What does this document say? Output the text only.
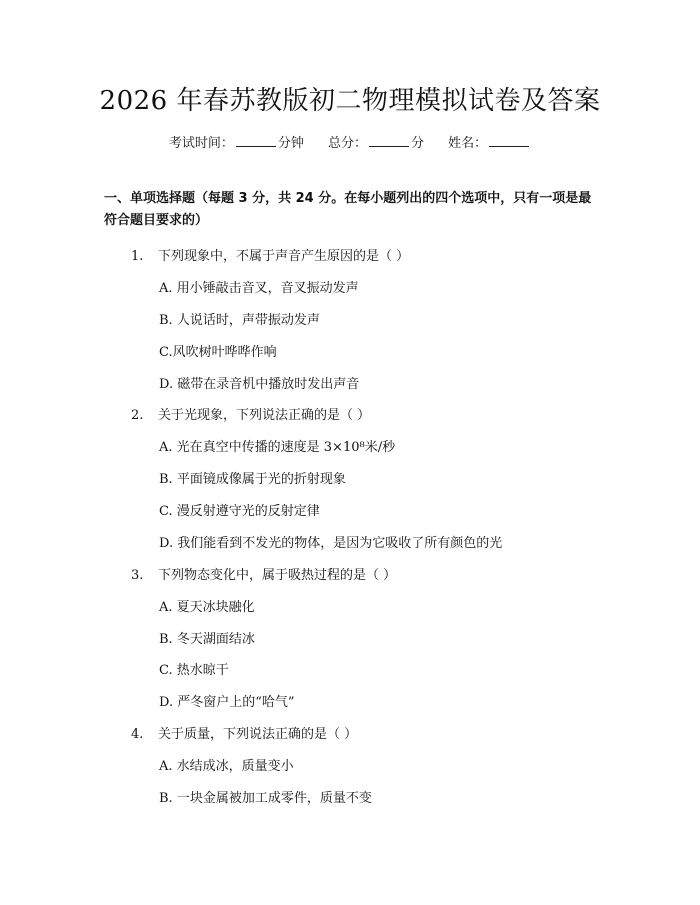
2026 年春苏教版初二物理模拟试卷及答案
考试时间：	分钟 总分：	分 姓名：
一、单项选择题（每题 3 分，共 24 分。在每小题列出的四个选项中，只有一项是最符合题目要求的）
1. 下列现象中，不属于声音产生原因的是（ ）
A. 用小锤敲击音叉，音叉振动发声
B. 人说话时，声带振动发声
C.风吹树叶哗哗作响
D. 磁带在录音机中播放时发出声音
2. 关于光现象，下列说法正确的是（ ）
A. 光在真空中传播的速度是 3×10⁸米/秒
B. 平面镜成像属于光的折射现象
C. 漫反射遵守光的反射定律
D. 我们能看到不发光的物体，是因为它吸收了所有颜色的光
3. 下列物态变化中，属于吸热过程的是（ ）
A. 夏天冰块融化
B. 冬天湖面结冰
C. 热水晾干
D. 严冬窗户上的“哈气”
4. 关于质量，下列说法正确的是（ ）
A. 水结成冰，质量变小
B. 一块金属被加工成零件，质量不变
